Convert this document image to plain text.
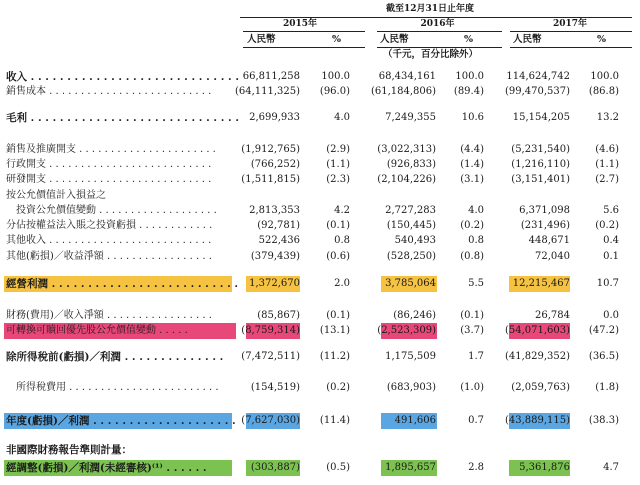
截至12月31日止年度
2015年	2016年	2017年
人民幣	%	人民幣	%	人民幣	%
（千元，百分比除外）
收入 . . . . . . . . . . . . . . . . . . . . . . . . . . . . . 66,811,258 100.0	68,434,161 100.0 114,624,742 100.0
銷售成本 . . . . . . . . . . . . . . . . . . . . . . . . . . (64,111,325) (96.0) (61,184,806) (89.4) (99,470,537) (86.8)
毛利 . . . . . . . . . . . . . . . . . . . . . . . . . . . . . 2,699,933	4.0	7,249,355	10.6	15,154,205	13.2
銷售及推廣開支 . . . . . . . . . . . . . . . . . . . . . .	(1,912,765)	(2.9)	(3,022,313) (4.4)	(5,231,540)	(4.6)
行政開支 . . . . . . . . . . . . . . . . . . . . . . . . . .	(766,252)	(1.1)	(926,833) (1.4)	(1,216,110)	(1.1)
研發開支 . . . . . . . . . . . . . . . . . . . . . . . . . .	(1,511,815)	(2.3)	(2,104,226) (3.1)	(3,151,401)	(2.7)
按公允價值計入損益之
　投資公允價值變動 . . . . . . . . . . . . . . . . . . .	2,813,353	4.2	2,727,283	4.0	6,371,098	5.6
分佔按權益法入賬之投資虧損 . . . . . . . . . . . .	(92,781)	(0.1)	(150,445) (0.2)	(231,496)	(0.2)
其他收入 . . . . . . . . . . . . . . . . . . . . . . . . . .	522,436	0.8	540,493	0.8	448,671	0.4
其他(虧損)／收益淨額 . . . . . . . . . . . . . . . . .	(379,439)	(0.6)	(528,250) (0.8)	72,040	0.1
經營利潤 . . . . . . . . . . . . . . . . . . . . . . . . . . 1,372,670	2.0	3,785,064	5.5	12,215,467	10.7
財務(費用)／收入淨額 . . . . . . . . . . . . . . . . .	(85,867)	(0.1)	(86,246) (0.1)	26,784	0.0
可轉換可贖回優先股公允價值變動 . . . . .	(8,759,314) (13.1)	(2,523,309) (3.7) (54,071,603) (47.2)
除所得稅前(虧損)／利潤 . . . . . . . . . . . . . . (7,472,511) (11.2)	1,175,509	1.7 (41,829,352) (36.5)
　所得稅費用 . . . . . . . . . . . . . . . . . . . . . . . .	(154,519)	(0.2)	(683,903) (1.0)	(2,059,763)	(1.8)
年度(虧損)／利潤 . . . . . . . . . . . . . . . . . . . . (7,627,030) (11.4)	491,606	0.7 (43,889,115) (38.3)
非國際財務報告準則計量：
經調整(虧損)／利潤(未經審核)⁽¹⁾ . . . . . .	(303,887)	(0.5)	1,895,657	2.8	5,361,876	4.7
